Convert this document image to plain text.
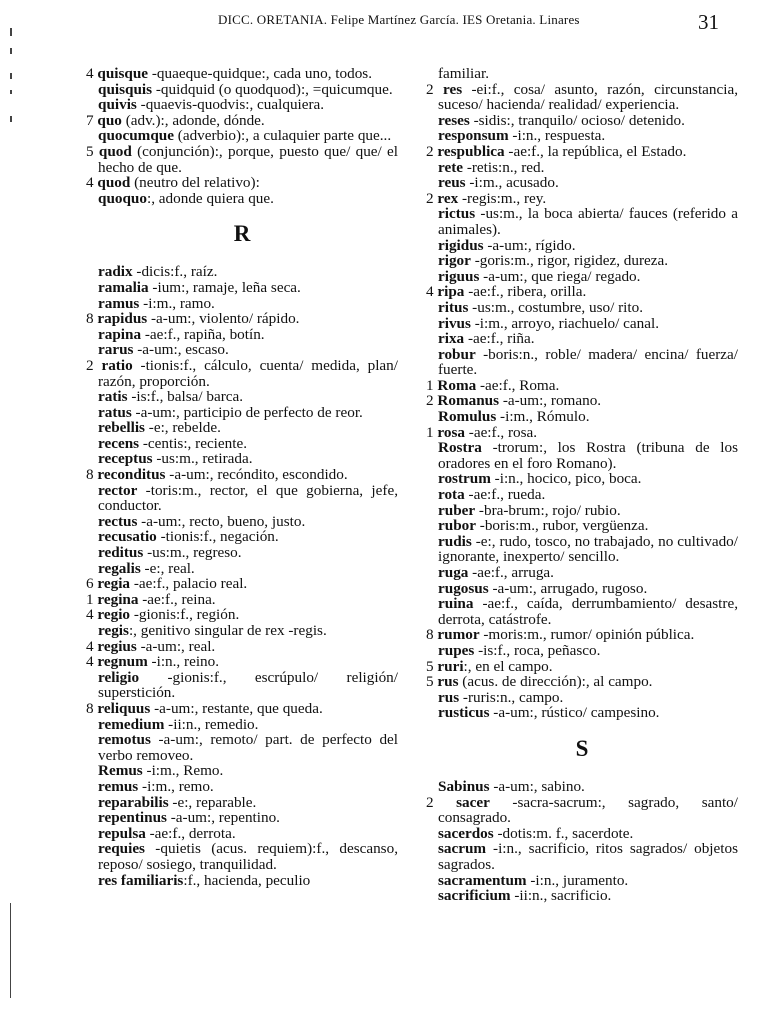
DICC. ORETANIA. Felipe Martínez García. IES Oretania. Linares	31

4 quisque -quaeque-quidque:, cada uno, todos.

quisquis -quidquid (o quodquod):, =quicumque.

quivis -quaevis-quodvis:, cualquiera.

7 quo (adv.):, adonde, dónde.

quocumque (adverbio):, a culaquier parte que...

5 quod (conjunción):, porque, puesto que/ que/ el hecho de que.

4 quod (neutro del relativo):

quoquo:, adonde quiera que.

R

radix -dicis:f., raíz.

ramalia -ium:, ramaje, leña seca.

ramus -i:m., ramo.

8 rapidus -a-um:, violento/ rápido.

rapina -ae:f., rapiña, botín.

rarus -a-um:, escaso.

2 ratio -tionis:f., cálculo, cuenta/ medida, plan/ razón, proporción.

ratis -is:f., balsa/ barca.

ratus -a-um:, participio de perfecto de reor.

rebellis -e:, rebelde.

recens -centis:, reciente.

receptus -us:m., retirada.

8 reconditus -a-um:, recóndito, escondido.

rector -toris:m., rector, el que gobierna, jefe, conductor.

rectus -a-um:, recto, bueno, justo.

recusatio -tionis:f., negación.

reditus -us:m., regreso.

regalis -e:, real.

6 regia -ae:f., palacio real.

1 regina -ae:f., reina.

4 regio -gionis:f., región.

regis:, genitivo singular de rex -regis.

4 regius -a-um:, real.

4 regnum -i:n., reino.

religio -gionis:f., escrúpulo/ religión/ superstición.

8 reliquus -a-um:, restante, que queda.

remedium -ii:n., remedio.

remotus -a-um:, remoto/ part. de perfecto del verbo removeo.

Remus -i:m., Remo.

remus -i:m., remo.

reparabilis -e:, reparable.

repentinus -a-um:, repentino.

repulsa -ae:f., derrota.

requies -quietis (acus. requiem):f., descanso, reposo/ sosiego, tranquilidad.

res familiaris:f., hacienda, peculio

familiar.

2 res -ei:f., cosa/ asunto, razón, circunstancia, suceso/ hacienda/ realidad/ experiencia.

reses -sidis:, tranquilo/ ocioso/ detenido.

responsum -i:n., respuesta.

2 respublica -ae:f., la república, el Estado.

rete -retis:n., red.

reus -i:m., acusado.

2 rex -regis:m., rey.

rictus -us:m., la boca abierta/ fauces (referido a animales).

rigidus -a-um:, rígido.

rigor -goris:m., rigor, rigidez, dureza.

riguus -a-um:, que riega/ regado.

4 ripa -ae:f., ribera, orilla.

ritus -us:m., costumbre, uso/ rito.

rivus -i:m., arroyo, riachuelo/ canal.

rixa -ae:f., riña.

robur -boris:n., roble/ madera/ encina/ fuerza/ fuerte.

1 Roma -ae:f., Roma.

2 Romanus -a-um:, romano.

Romulus -i:m., Rómulo.

1 rosa -ae:f., rosa.

Rostra -trorum:, los Rostra (tribuna de los oradores en el foro Romano).

rostrum -i:n., hocico, pico, boca.

rota -ae:f., rueda.

ruber -bra-brum:, rojo/ rubio.

rubor -boris:m., rubor, vergüenza.

rudis -e:, rudo, tosco, no trabajado, no cultivado/ ignorante, inexperto/ sencillo.

ruga -ae:f., arruga.

rugosus -a-um:, arrugado, rugoso.

ruina -ae:f., caída, derrumbamiento/ desastre, derrota, catástrofe.

8 rumor -moris:m., rumor/ opinión pública.

rupes -is:f., roca, peñasco.

5 ruri:, en el campo.

5 rus (acus. de dirección):, al campo.

rus -ruris:n., campo.

rusticus -a-um:, rústico/ campesino.

S

Sabinus -a-um:, sabino.

2 sacer -sacra-sacrum:, sagrado, santo/ consagrado.

sacerdos -dotis:m. f., sacerdote.

sacrum -i:n., sacrificio, ritos sagrados/ objetos sagrados.

sacramentum -i:n., juramento.

sacrificium -ii:n., sacrificio.
